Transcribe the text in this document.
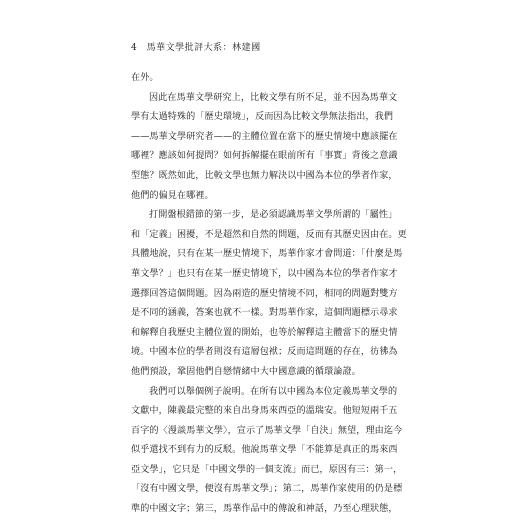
4 馬華文學批評大系：林建國
在外。
因此在馬華文學研究上，比較文學有所不足，並不因為馬華文
學有太過特殊的「歷史環境」，反而因為比較文學無法指出，我們
——馬華文學研究者——的主體位置在當下的歷史情境中應該擺在
哪裡？應該如何提問？如何拆解擺在眼前所有「事實」背後之意識
型態？既然如此，比較文學也無力解決以中國為本位的學者作家，
他們的偏見在哪裡。
打開盤根錯節的第一步，是必須認識馬華文學所謂的「屬性」
和「定義」困擾，不是超然和自然的問題，反而有其歷史因由在。更
具體地說，只有在某一歷史情境下，馬華作家才會問道：「什麼是馬
華文學？」也只有在某一歷史情境下，以中國為本位的學者作家才
選擇回答這個問題。因為兩造的歷史情境不同，相同的問題對雙方
是不同的涵義，答案也就不一樣。對馬華作家，這個問題標示尋求
和解釋自我歷史主體位置的開始，也等於解釋這主體當下的歷史情
境。中國本位的學者則沒有這層包袱；反而這問題的存在，彷彿為
他們預設，鞏固他們自戀情緒中大中國意識的循環論證。
我們可以舉個例子說明。在所有以中國為本位定義馬華文學的
文獻中，陳義最完整的來自出身馬來西亞的溫瑞安。他短短兩千五
百字的〈漫談馬華文學〉，宣示了馬華文學「自決」無望，理由迄今
似乎還找不到有力的反駁。他說馬華文學「不能算是真正的馬來西
亞文學」，它只是「中國文學的一個支流」而已，原因有三：第一，
「沒有中國文學，便沒有馬華文學」；第二，馬華作家使用的仍是標
準的中國文字；第三，馬華作品中的傳說和神話，乃至心理狀態，
